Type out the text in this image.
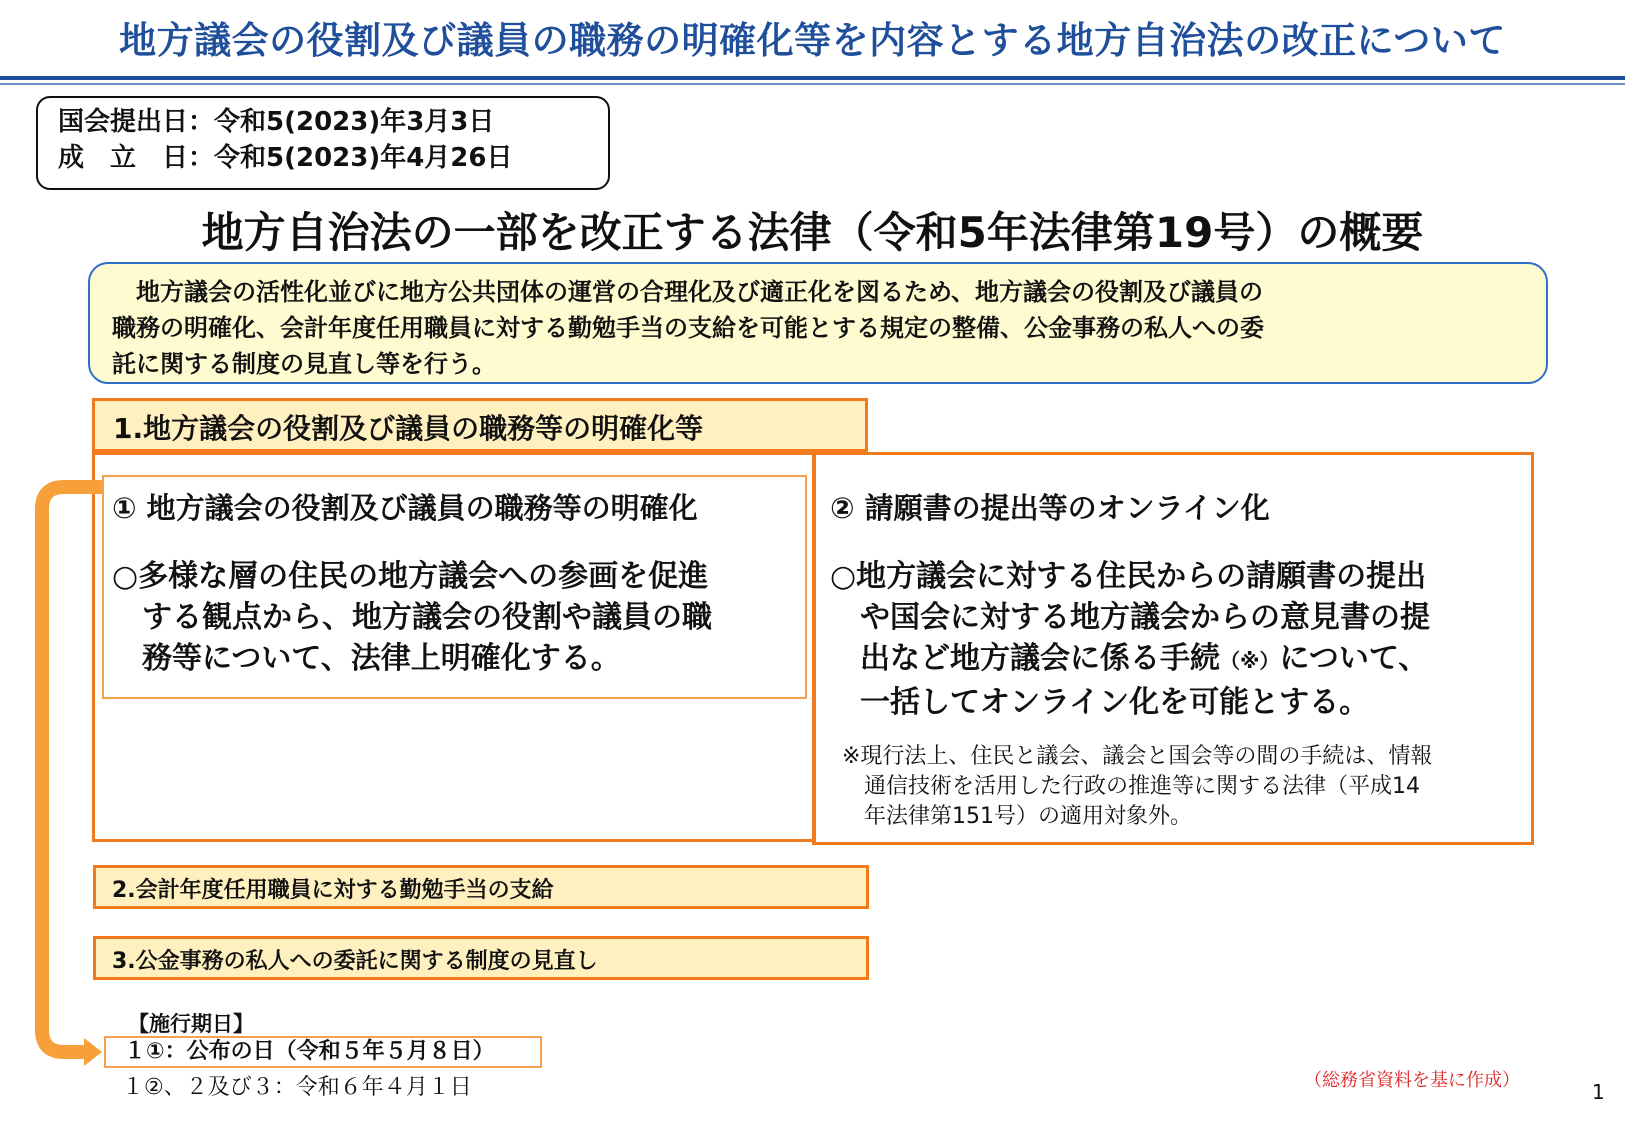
地方議会の役割及び議員の職務の明確化等を内容とする地方自治法の改正について
国会提出日：令和5(2023)年3月3日
成　立　日：令和5(2023)年4月26日
地方自治法の一部を改正する法律（令和5年法律第19号）の概要
　地方議会の活性化並びに地方公共団体の運営の合理化及び適正化を図るため、地方議会の役割及び議員の
職務の明確化、会計年度任用職員に対する勤勉手当の支給を可能とする規定の整備、公金事務の私人への委
託に関する制度の見直し等を行う。
1.地方議会の役割及び議員の職務等の明確化等
① 地方議会の役割及び議員の職務等の明確化
○多様な層の住民の地方議会への参画を促進
　する観点から、地方議会の役割や議員の職
　務等について、法律上明確化する。
② 請願書の提出等のオンライン化
○地方議会に対する住民からの請願書の提出
　や国会に対する地方議会からの意見書の提
　出など地方議会に係る手続（※）について、
　一括してオンライン化を可能とする。
※現行法上、住民と議会、議会と国会等の間の手続は、情報
　通信技術を活用した行政の推進等に関する法律（平成14
　年法律第151号）の適用対象外。
2.会計年度任用職員に対する勤勉手当の支給
3.公金事務の私人への委託に関する制度の見直し
【施行期日】
１①：公布の日（令和５年５月８日）
１②、２及び３：令和６年４月１日	（総務省資料を基に作成）	1
